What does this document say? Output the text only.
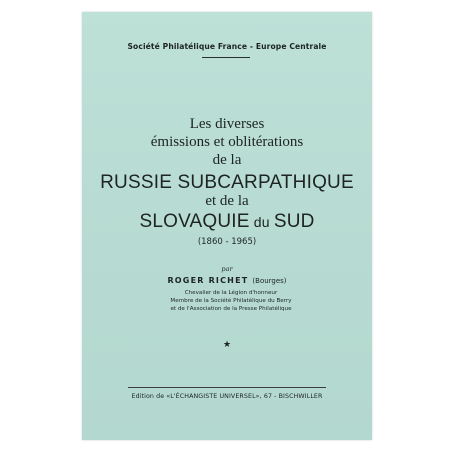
Société Philatélique France - Europe Centrale
Les diverses
émissions et oblitérations
de la
RUSSIE SUBCARPATHIQUE
et de la
SLOVAQUIE du SUD
(1860 - 1965)
par
ROGER RICHET (Bourges)
Chevalier de la Légion d'honneur
Membre de la Société Philatélique du Berry
et de l'Association de la Presse Philatélique
★
Edition de «L'ÉCHANGISTE UNIVERSEL», 67 - BISCHWILLER
